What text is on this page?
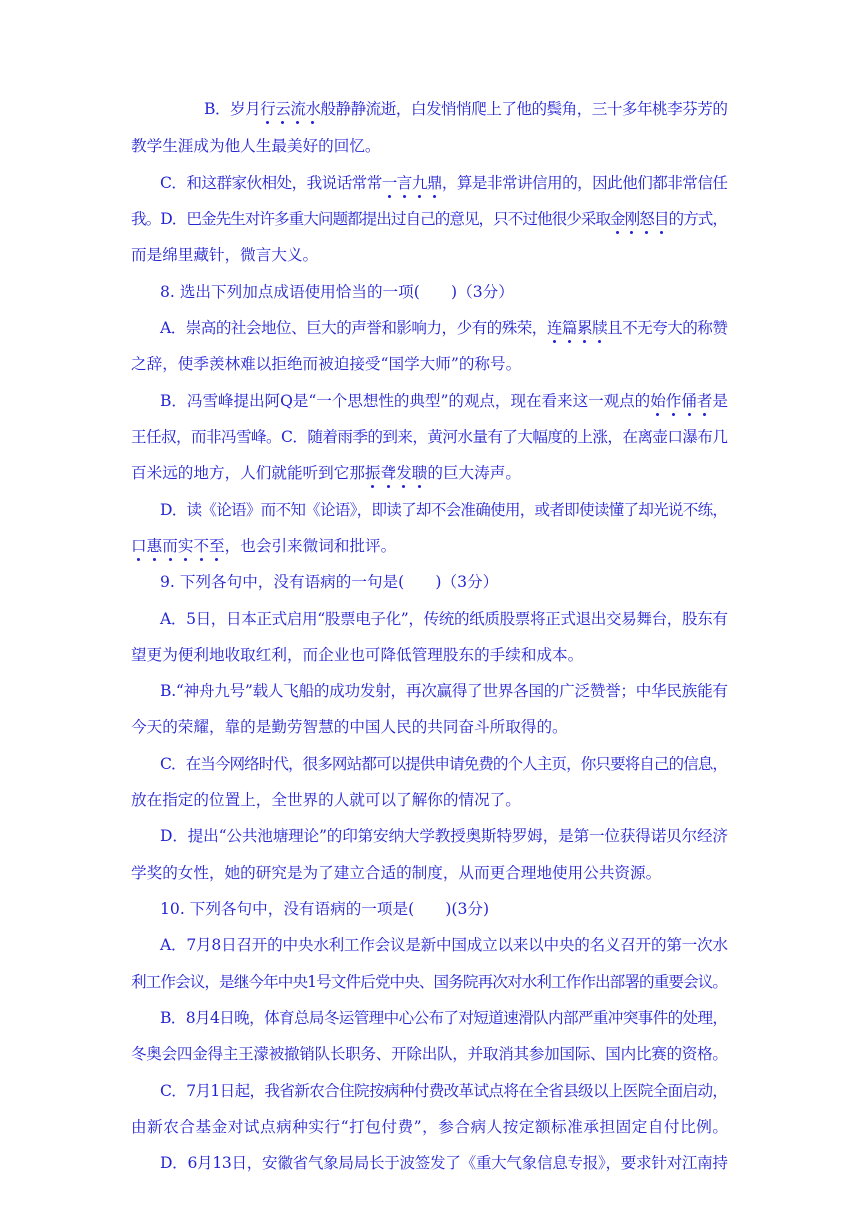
B．岁月行云流水般静静流逝，白发悄悄爬上了他的鬓角，三十多年桃李芬芳的
教学生涯成为他人生最美好的回忆。
C．和这群家伙相处，我说话常常一言九鼎，算是非常讲信用的，因此他们都非常信任
我。D．巴金先生对许多重大问题都提出过自己的意见，只不过他很少采取金刚怒目的方式，
而是绵里藏针，微言大义。
8. 选出下列加点成语使用恰当的一项(　　)（3分）
A．崇高的社会地位、巨大的声誉和影响力，少有的殊荣，连篇累牍且不无夸大的称赞
之辞，使季羡林难以拒绝而被迫接受“国学大师”的称号。
B．冯雪峰提出阿Q是“一个思想性的典型”的观点，现在看来这一观点的始作俑者是
王任叔，而非冯雪峰。C．随着雨季的到来，黄河水量有了大幅度的上涨，在离壶口瀑布几
百米远的地方，人们就能听到它那振聋发聩的巨大涛声。
D．读《论语》而不知《论语》，即读了却不会准确使用，或者即使读懂了却光说不练，
口惠而实不至，也会引来微词和批评。
9. 下列各句中，没有语病的一句是(　　)（3分）
A．5日，日本正式启用“股票电子化”，传统的纸质股票将正式退出交易舞台，股东有
望更为便利地收取红利，而企业也可降低管理股东的手续和成本。
B.“神舟九号”载人飞船的成功发射，再次赢得了世界各国的广泛赞誉；中华民族能有
今天的荣耀，靠的是勤劳智慧的中国人民的共同奋斗所取得的。
C．在当今网络时代，很多网站都可以提供申请免费的个人主页，你只要将自己的信息，
放在指定的位置上，全世界的人就可以了解你的情况了。
D．提出“公共池塘理论”的印第安纳大学教授奥斯特罗姆，是第一位获得诺贝尔经济
学奖的女性，她的研究是为了建立合适的制度，从而更合理地使用公共资源。
10. 下列各句中，没有语病的一项是(　　)(3分)
A．7月8日召开的中央水利工作会议是新中国成立以来以中央的名义召开的第一次水
利工作会议，是继今年中央1号文件后党中央、国务院再次对水利工作作出部署的重要会议。
B．8月4日晚，体育总局冬运管理中心公布了对短道速滑队内部严重冲突事件的处理，
冬奥会四金得主王濛被撤销队长职务、开除出队，并取消其参加国际、国内比赛的资格。
C．7月1日起，我省新农合住院按病种付费改革试点将在全省县级以上医院全面启动，
由新农合基金对试点病种实行“打包付费”，参合病人按定额标准承担固定自付比例。
D．6月13日，安徽省气象局局长于波签发了《重大气象信息专报》，要求针对江南持
